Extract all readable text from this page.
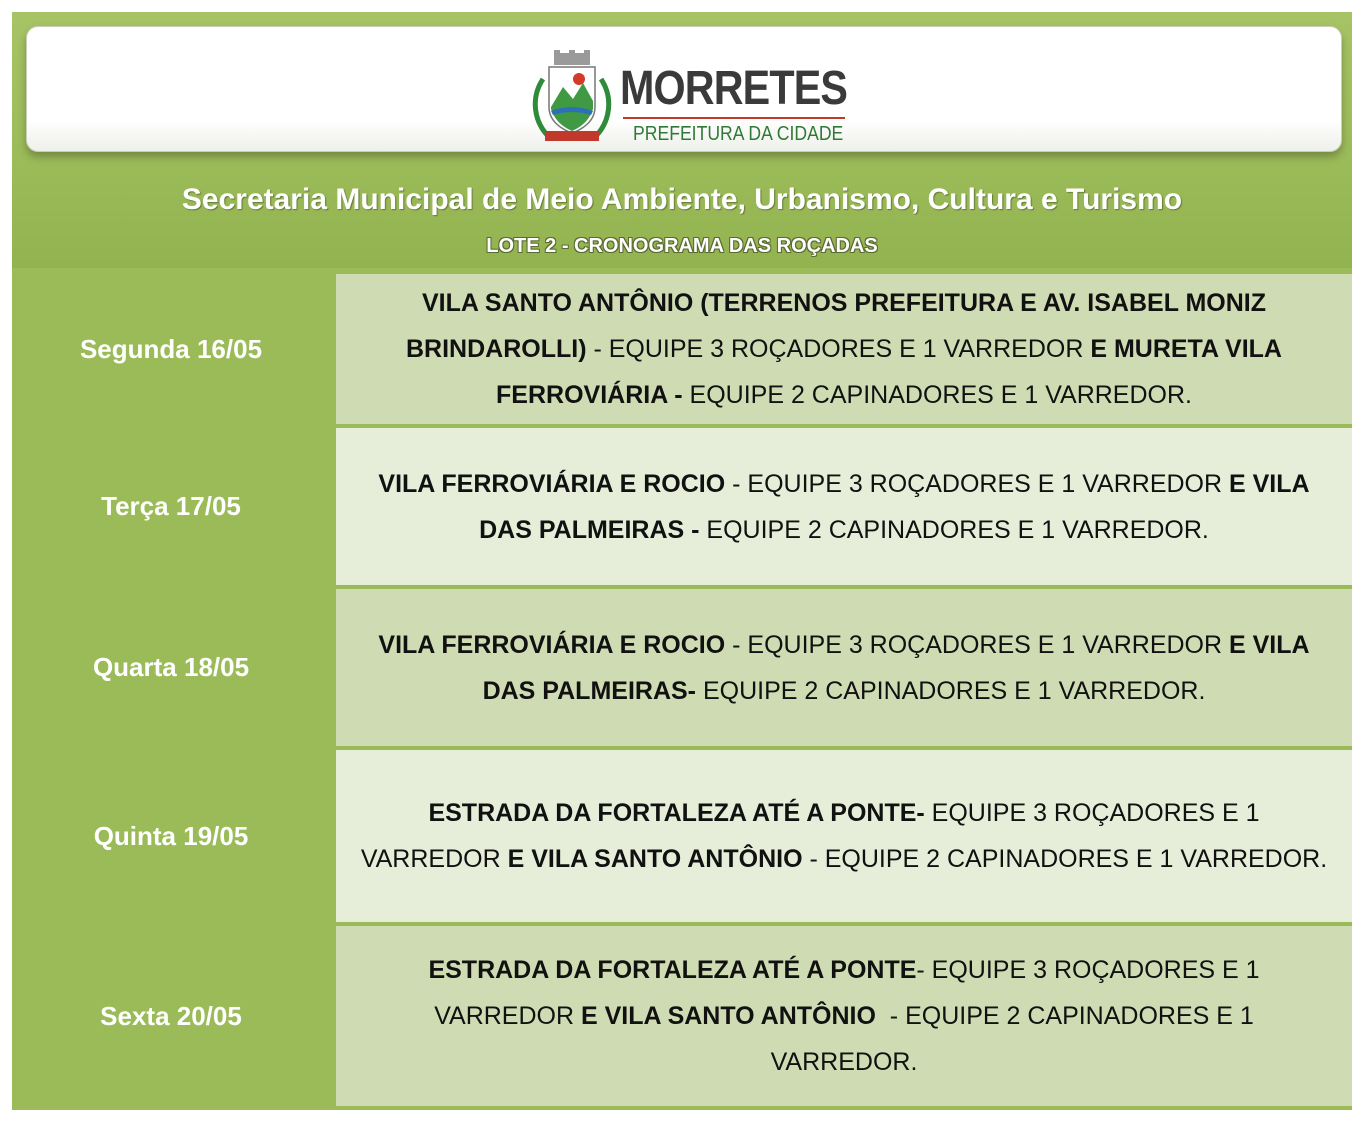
MORRETES
PREFEITURA DA CIDADE
Secretaria Municipal de Meio Ambiente, Urbanismo, Cultura e Turismo
LOTE 2 - CRONOGRAMA DAS ROÇADAS
Segunda 16/05
VILA SANTO ANTÔNIO (TERRENOS PREFEITURA E AV. ISABEL MONIZ BRINDAROLLI) - EQUIPE 3 ROÇADORES E 1 VARREDOR E MURETA VILA FERROVIÁRIA - EQUIPE 2 CAPINADORES E 1 VARREDOR.
Terça 17/05
VILA FERROVIÁRIA E ROCIO - EQUIPE 3 ROÇADORES E 1 VARREDOR E VILA DAS PALMEIRAS - EQUIPE 2 CAPINADORES E 1 VARREDOR.
Quarta 18/05
VILA FERROVIÁRIA E ROCIO - EQUIPE 3 ROÇADORES E 1 VARREDOR E VILA DAS PALMEIRAS- EQUIPE 2 CAPINADORES E 1 VARREDOR.
Quinta 19/05
ESTRADA DA FORTALEZA ATÉ A PONTE- EQUIPE 3 ROÇADORES E 1 VARREDOR E VILA SANTO ANTÔNIO - EQUIPE 2 CAPINADORES E 1 VARREDOR.
Sexta 20/05
ESTRADA DA FORTALEZA ATÉ A PONTE- EQUIPE 3 ROÇADORES E 1 VARREDOR E VILA SANTO ANTÔNIO  - EQUIPE 2 CAPINADORES E 1 VARREDOR.
